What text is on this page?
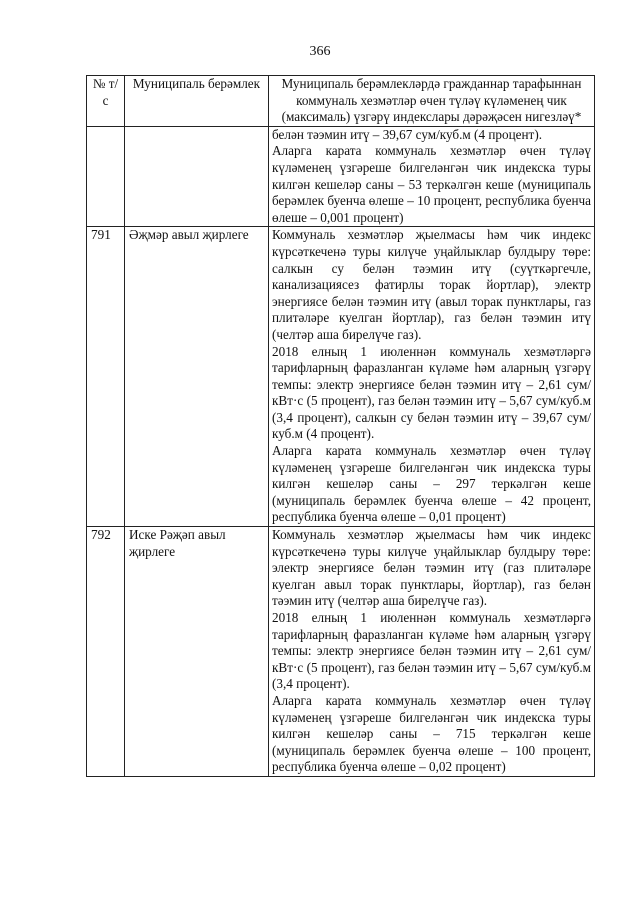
366
№ т/с	Муниципаль берәмлек	Муниципаль берәмлекләрдә гражданнар тарафыннан коммуналь хезмәтләр өчен түләү күләменең чик (максималь) үзгәрү индекслары дәрәҗәсен нигезләү*

		белән тәэмин итү – 39,67 сум/куб.м (4 процент).

Аларга карата коммуналь хезмәтләр өчен түләү күләменең үзгәреше билгеләнгән чик индекска туры килгән кешеләр саны – 53 теркәлгән кеше (муниципаль берәмлек буенча өлеше – 10 процент, республика буенча өлеше – 0,001 процент)

791	Әҗмәр авыл җирлеге	Коммуналь хезмәтләр җыелмасы һәм чик индекс күрсәткеченә туры килүче уңайлыклар булдыру төре: салкын су белән тәэмин итү (суүткәргечле, канализациясез фатирлы торак йортлар), электр энергиясе белән тәэмин итү (авыл торак пунктлары, газ плитәләре куелган йортлар), газ белән тәэмин итү (челтәр аша бирелүче газ).

2018 елның 1 июленнән коммуналь хезмәтләргә тарифларның фаразланган күләме һәм аларның үзгәрү темпы: электр энергиясе белән тәэмин итү – 2,61 сум/кВт·с (5 процент), газ белән тәэмин итү – 5,67 сум/куб.м (3,4 процент), салкын су белән тәэмин итү – 39,67 сум/куб.м (4 процент).

Аларга карата коммуналь хезмәтләр өчен түләү күләменең үзгәреше билгеләнгән чик индекска туры килгән кешеләр саны – 297 теркәлгән кеше (муниципаль берәмлек буенча өлеше – 42 процент, республика буенча өлеше – 0,01 процент)

792	Иске Рәҗәп авыл җирлеге	Коммуналь хезмәтләр җыелмасы һәм чик индекс күрсәткеченә туры килүче уңайлыклар булдыру төре: электр энергиясе белән тәэмин итү (газ плитәләре куелган авыл торак пунктлары, йортлар), газ белән тәэмин итү (челтәр аша бирелүче газ).

2018 елның 1 июленнән коммуналь хезмәтләргә тарифларның фаразланган күләме һәм аларның үзгәрү темпы: электр энергиясе белән тәэмин итү – 2,61 сум/кВт·с (5 процент), газ белән тәэмин итү – 5,67 сум/куб.м (3,4 процент).

Аларга карата коммуналь хезмәтләр өчен түләү күләменең үзгәреше билгеләнгән чик индекска туры килгән кешеләр саны – 715 теркәлгән кеше (муниципаль берәмлек буенча өлеше – 100 процент, республика буенча өлеше – 0,02 процент)
